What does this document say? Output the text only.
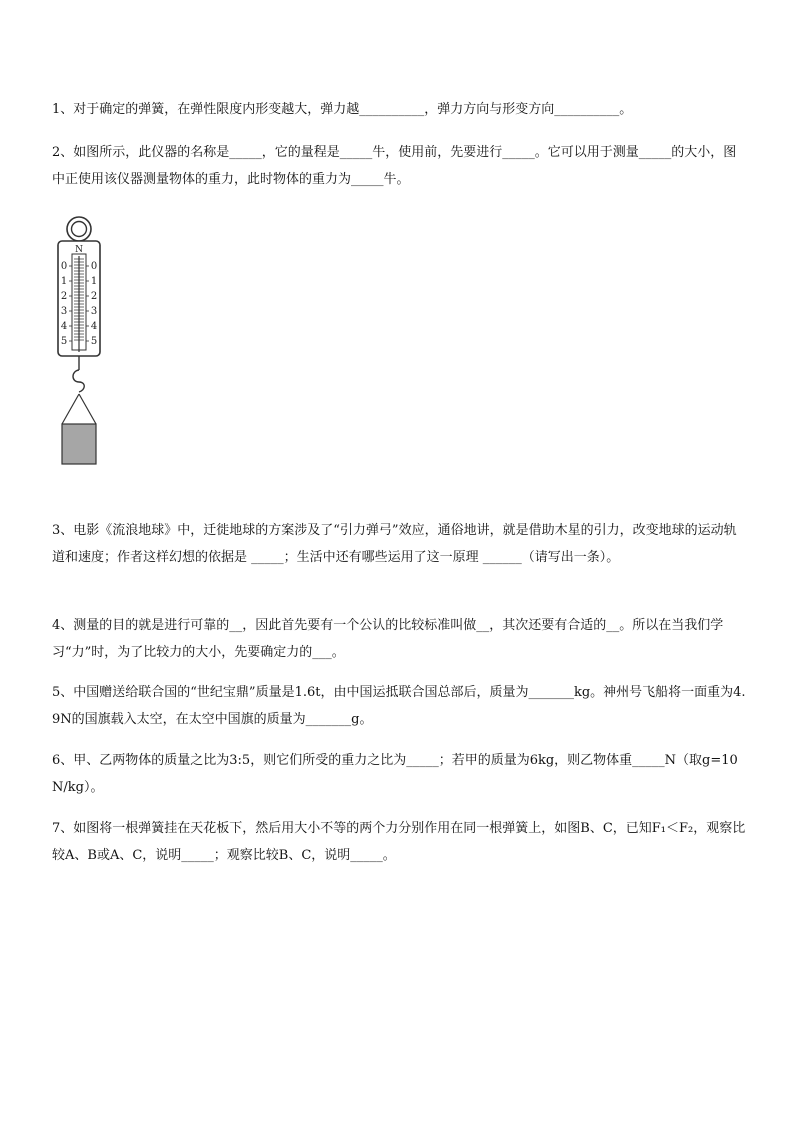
1、对于确定的弹簧，在弹性限度内形变越大，弹力越__________，弹力方向与形变方向__________。
2、如图所示，此仪器的名称是_____，它的量程是_____牛，使用前，先要进行_____。它可以用于测量_____的大小，图中正使用该仪器测量物体的重力，此时物体的重力为_____牛。
N
0
1
2
3
4
5
0
1
2
3
4
5
3、电影《流浪地球》中，迁徙地球的方案涉及了“引力弹弓”效应，通俗地讲，就是借助木星的引力，改变地球的运动轨道和速度；作者这样幻想的依据是 _____；生活中还有哪些运用了这一原理 ______（请写出一条）。
4、测量的目的就是进行可靠的__，因此首先要有一个公认的比较标准叫做__，其次还要有合适的__。所以在当我们学习“力”时，为了比较力的大小，先要确定力的___。
5、中国赠送给联合国的“世纪宝鼎”质量是1.6t，由中国运抵联合国总部后，质量为_______kg。神州号飞船将一面重为4.9N的国旗载入太空，在太空中国旗的质量为_______g。
6、甲、乙两物体的质量之比为3:5，则它们所受的重力之比为_____；若甲的质量为6kg，则乙物体重_____N（取g=10N/kg）。
7、如图将一根弹簧挂在天花板下，然后用大小不等的两个力分别作用在同一根弹簧上，如图B、C，已知F₁＜F₂，观察比较A、B或A、C，说明_____；观察比较B、C，说明_____。
